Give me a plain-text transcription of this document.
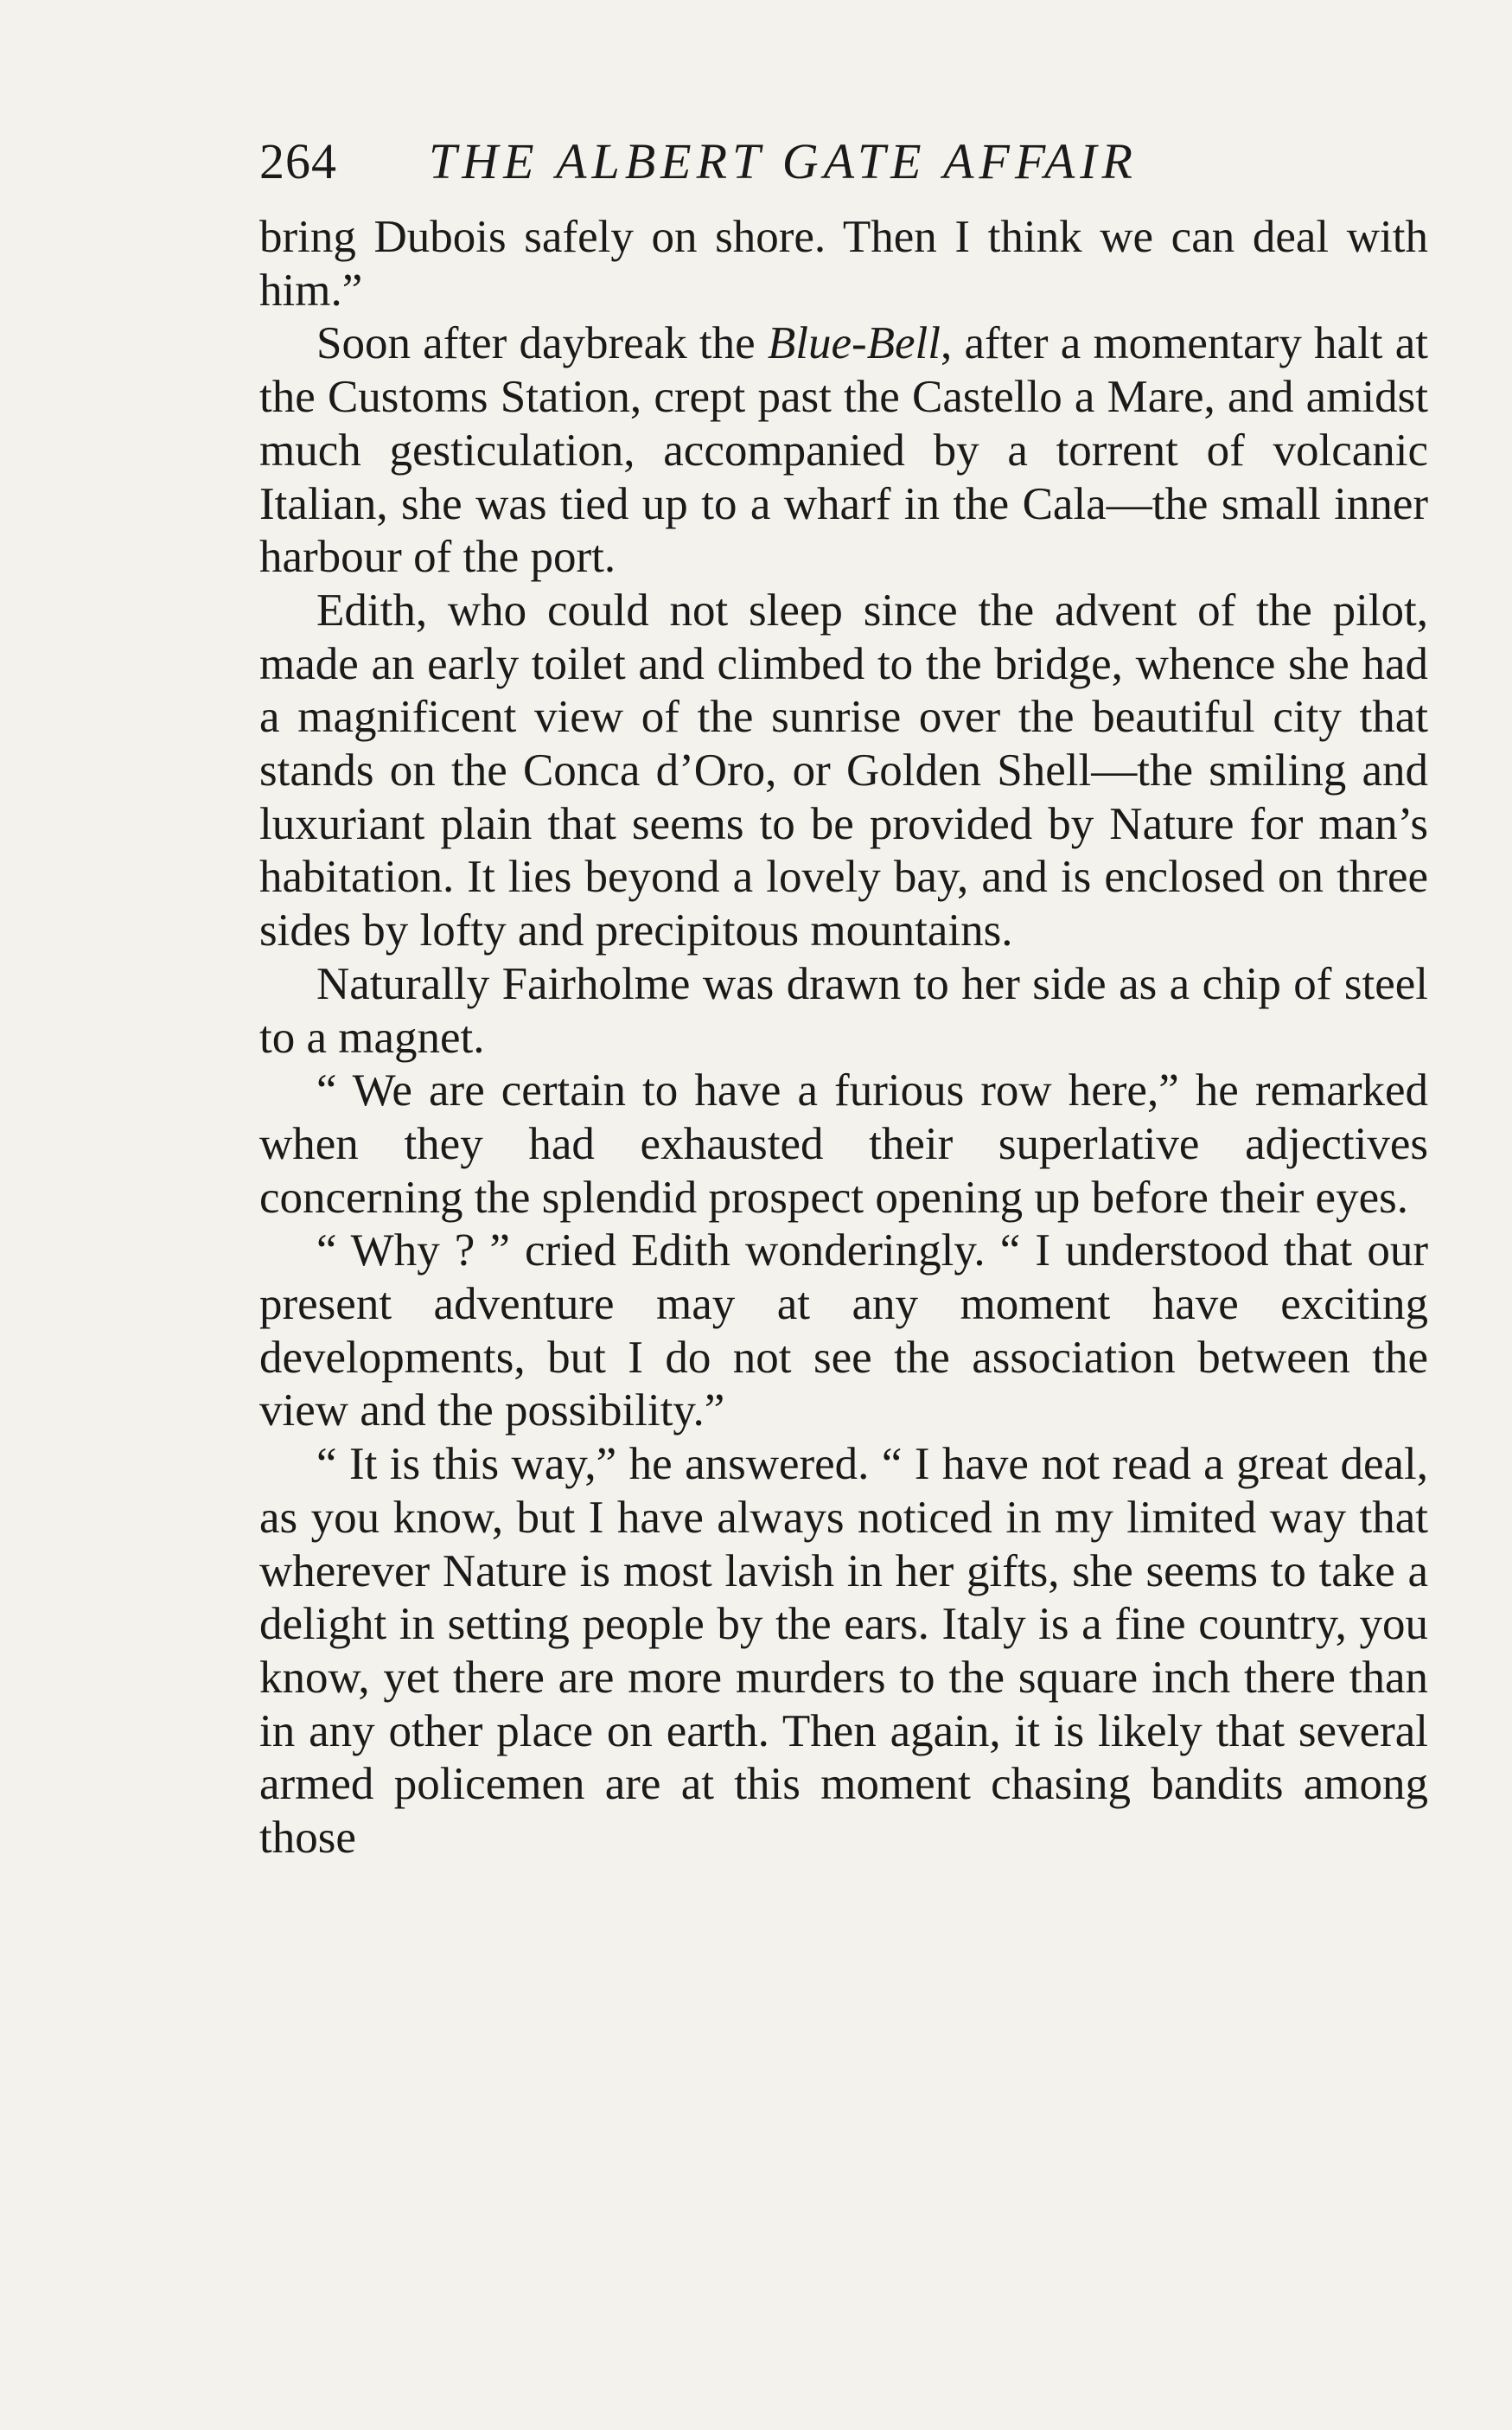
264	THE ALBERT GATE AFFAIR

bring Dubois safely on shore. Then I think we can deal with him.”

Soon after daybreak the Blue-Bell, after a momentary halt at the Customs Station, crept past the Castello a Mare, and amidst much gesticulation, accompanied by a torrent of volcanic Italian, she was tied up to a wharf in the Cala—the small inner harbour of the port.

Edith, who could not sleep since the advent of the pilot, made an early toilet and climbed to the bridge, whence she had a magnificent view of the sunrise over the beautiful city that stands on the Conca d’Oro, or Golden Shell—the smiling and luxuriant plain that seems to be provided by Nature for man’s habitation. It lies beyond a lovely bay, and is enclosed on three sides by lofty and precipitous mountains.

Naturally Fairholme was drawn to her side as a chip of steel to a magnet.

“ We are certain to have a furious row here,” he remarked when they had exhausted their superlative adjectives concerning the splendid prospect opening up before their eyes.

“ Why ? ” cried Edith wonderingly. “ I understood that our present adventure may at any moment have exciting developments, but I do not see the association between the view and the possibility.”

“ It is this way,” he answered. “ I have not read a great deal, as you know, but I have always noticed in my limited way that wherever Nature is most lavish in her gifts, she seems to take a delight in setting people by the ears. Italy is a fine country, you know, yet there are more murders to the square inch there than in any other place on earth. Then again, it is likely that several armed policemen are at this moment chasing bandits among those
